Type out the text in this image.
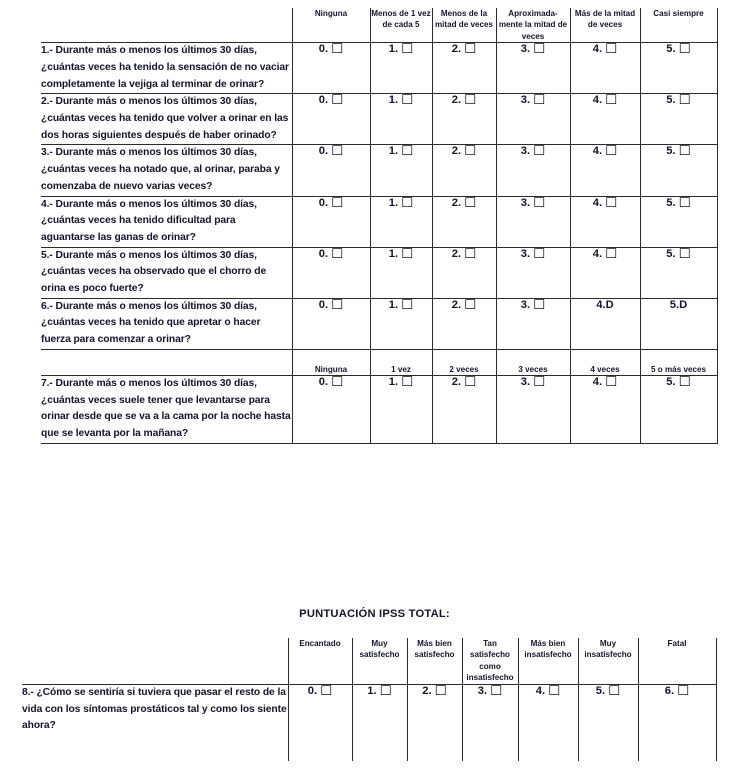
	Ninguna	Menos de 1 vez de cada 5	Menos de la mitad de veces	Aproximada-mente la mitad de veces	Más de la mitad de veces	Casi siempre

1.- Durante más o menos los últimos 30 días, ¿cuántas veces ha tenido la sensación de no vaciar completamente la vejiga al terminar de orinar?	0. ☐	1. ☐	2. ☐	3. ☐	4. ☐	5. ☐

2.- Durante más o menos los últimos 30 días, ¿cuántas veces ha tenido que volver a orinar en las dos horas siguientes después de haber orinado?	0. ☐	1. ☐	2. ☐	3. ☐	4. ☐	5. ☐

3.- Durante más o menos los últimos 30 días, ¿cuántas veces ha notado que, al orinar, paraba y comenzaba de nuevo varias veces?	0. ☐	1. ☐	2. ☐	3. ☐	4. ☐	5. ☐

4.- Durante más o menos los últimos 30 días, ¿cuántas veces ha tenido dificultad para aguantarse las ganas de orinar?	0. ☐	1. ☐	2. ☐	3. ☐	4. ☐	5. ☐

5.- Durante más o menos los últimos 30 días, ¿cuántas veces ha observado que el chorro de orina es poco fuerte?	0. ☐	1. ☐	2. ☐	3. ☐	4. ☐	5. ☐

6.- Durante más o menos los últimos 30 días, ¿cuántas veces ha tenido que apretar o hacer fuerza para comenzar a orinar?	0. ☐	1. ☐	2. ☐	3. ☐	4.D	5.D

	Ninguna	1 vez	2 veces	3 veces	4 veces	5 o más veces

7.- Durante más o menos los últimos 30 días, ¿cuántas veces suele tener que levantarse para orinar desde que se va a la cama por la noche hasta que se levanta por la mañana?	0. ☐	1. ☐	2. ☐	3. ☐	4. ☐	5. ☐

PUNTUACIÓN IPSS TOTAL:
	Encantado	Muy satisfecho	Más bien satisfecho	Tan satisfecho como insatisfecho	Más bien insatisfecho	Muy insatisfecho	Fatal

8.- ¿Cómo se sentiría si tuviera que pasar el resto de la vida con los síntomas prostáticos tal y como los siente ahora?	0. ☐	1. ☐	2. ☐	3. ☐	4. ☐	5. ☐	6. ☐
